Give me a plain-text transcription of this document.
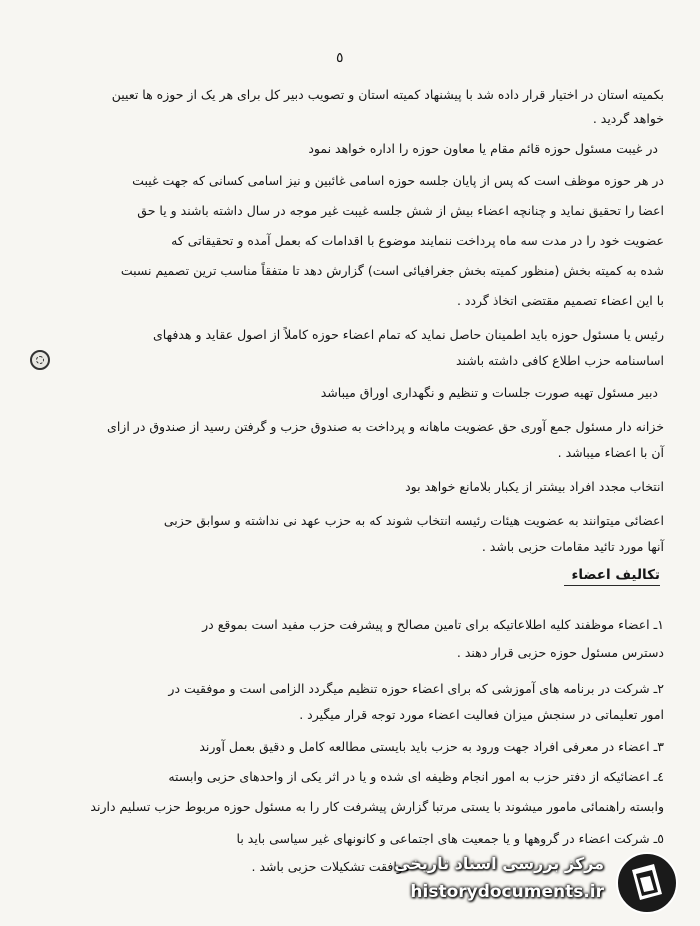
٥
بکمیته استان در اختیار قرار داده شد با پیشنهاد کمیته استان و تصویب دبیر کل برای هر یک از حوزه ها تعیین
خواهد گردید .
در غیبت مسئول حوزه قائم مقام یا معاون حوزه را اداره خواهد نمود
در هر حوزه موظف است که پس از پایان جلسه حوزه اسامی غائبین و نیز اسامی کسانی که جهت غیبت
اعضا را تحقیق نماید و چنانچه اعضاء بیش از شش جلسه غیبت غیر موجه در سال داشته باشند و یا حق
عضویت خود را در مدت سه ماه پرداخت ننمایند موضوع با اقدامات که بعمل آمده و تحقیقاتی که
شده به کمیته بخش (منظور کمیته بخش جغرافیائی است) گزارش دهد تا متفقاً مناسب ترین تصمیم نسبت
با این اعضاء تصمیم مقتضی اتخاذ گردد .
رئیس یا مسئول حوزه باید اطمینان حاصل نماید که تمام اعضاء حوزه کاملاً از اصول عقاید و هدفهای
اساسنامه حزب اطلاع کافی داشته باشند
دبیر مسئول تهیه صورت جلسات و تنظیم و نگهداری اوراق میباشد
خزانه دار مسئول جمع آوری حق عضویت ماهانه و پرداخت به صندوق حزب و گرفتن رسید از صندوق در ازای
آن با اعضاء میباشد .
انتخاب مجدد افراد بیشتر از یکبار بلامانع خواهد بود
اعضائی میتوانند به عضویت هیئات رئیسه انتخاب شوند که به حزب عهد نی نداشته و سوابق حزبی
آنها مورد تائید مقامات حزبی باشد .
تکالیف اعضاء
۱ـ اعضاء موظفند کلیه اطلاعاتیکه برای تامین مصالح و پیشرفت حزب مفید است بموقع در
دسترس مسئول حوزه حزبی قرار دهند .
۲ـ شرکت در برنامه های آموزشی که برای اعضاء حوزه تنظیم میگردد الزامی است و موفقیت در
امور تعلیماتی در سنجش میزان فعالیت اعضاء مورد توجه قرار میگیرد .
۳ـ اعضاء در معرفی افراد جهت ورود به حزب باید بایستی مطالعه کامل و دقیق بعمل آورند
٤ـ اعضائیکه از دفتر حزب به امور انجام وظیفه ای شده و یا در اثر یکی از واحدهای حزبی وابسته
وابسته راهنمائی مامور میشوند با یستی مرتبا گزارش پیشرفت کار را به مسئول حوزه مربوط حزب تسلیم دارند
٥ـ شرکت اعضاء در گروهها و یا جمعیت های اجتماعی و کانونهای غیر سیاسی باید با
موافقت تشکیلات حزبی باشد .
مرکز بررسی اسناد تاریخی
historydocuments.ir
